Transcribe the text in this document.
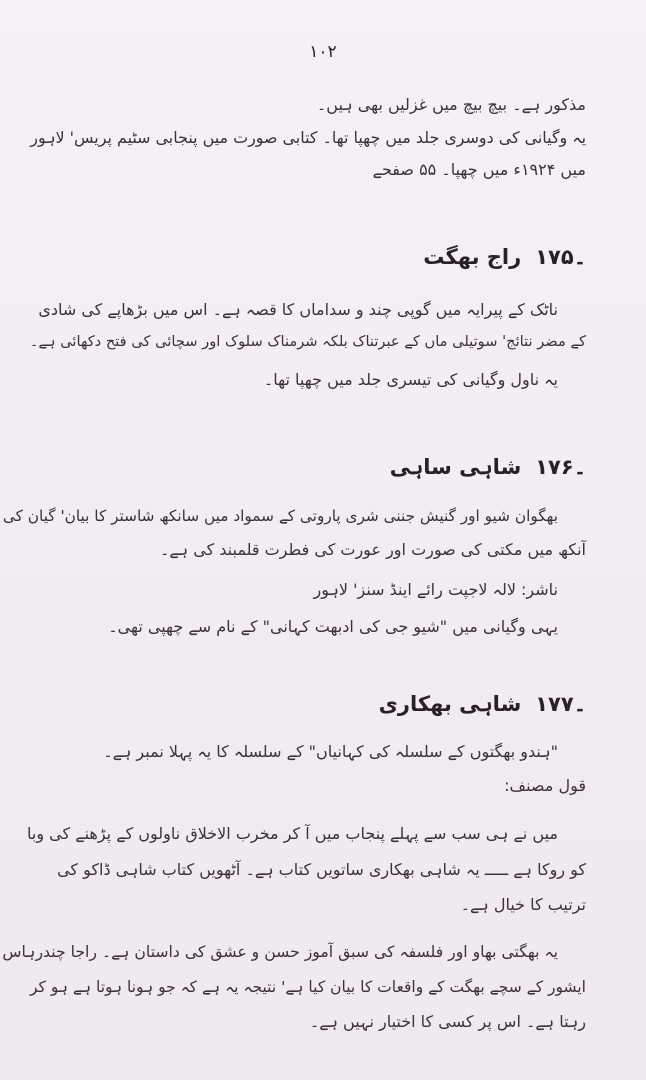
۱۰۲
مذکور ہے۔ بیچ بیچ میں غزلیں بھی ہیں۔
یہ وگیانی کی دوسری جلد میں چھپا تھا۔ کتابی صورت میں پنجابی سٹیم پریس' لاہور
میں ۱۹۲۴ء میں چھپا۔ ۵۵ صفحے
۱۷۵۔راج بھگت
ناٹک کے پیرایہ میں گوپی چند و سداماں کا قصہ ہے۔ اس میں بڑھاپے کی شادی
کے مضر نتائج' سوتیلی ماں کے عبرتناک بلکہ شرمناک سلوک اور سچائی کی فتح دکھائی ہے۔
یہ ناول وگیانی کی تیسری جلد میں چھپا تھا۔
۱۷۶۔شاہی ساہی
بھگوان شیو اور گنیش جننی شری پاروتی کے سمواد میں سانکھ شاستر کا بیان' گیان کی
آنکھ میں مکتی کی صورت اور عورت کی فطرت قلمبند کی ہے۔
ناشر: لالہ لاجپت رائے اینڈ سنز' لاہور
یہی وگیانی میں "شیو جی کی ادبھت کہانی" کے نام سے چھپی تھی۔
۱۷۷۔شاہی بھکاری
"ہندو بھگتوں کے سلسلہ کی کہانیاں" کے سلسلہ کا یہ پہلا نمبر ہے۔
قول مصنف:
میں نے ہی سب سے پہلے پنجاب میں آ کر مخرب الاخلاق ناولوں کے پڑھنے کی وبا
کو روکا ہے ـــــ یہ شاہی بھکاری ساتویں کتاب ہے۔ آٹھویں کتاب شاہی ڈاکو کی
ترتیب کا خیال ہے۔
یہ بھگتی بھاو اور فلسفہ کی سبق آموز حسن و عشق کی داستان ہے۔ راجا چندرہاس
ایشور کے سچے بھگت کے واقعات کا بیان کیا ہے' نتیجہ یہ ہے کہ جو ہونا ہوتا ہے ہو کر
رہتا ہے۔ اس پر کسی کا اختیار نہیں ہے۔
